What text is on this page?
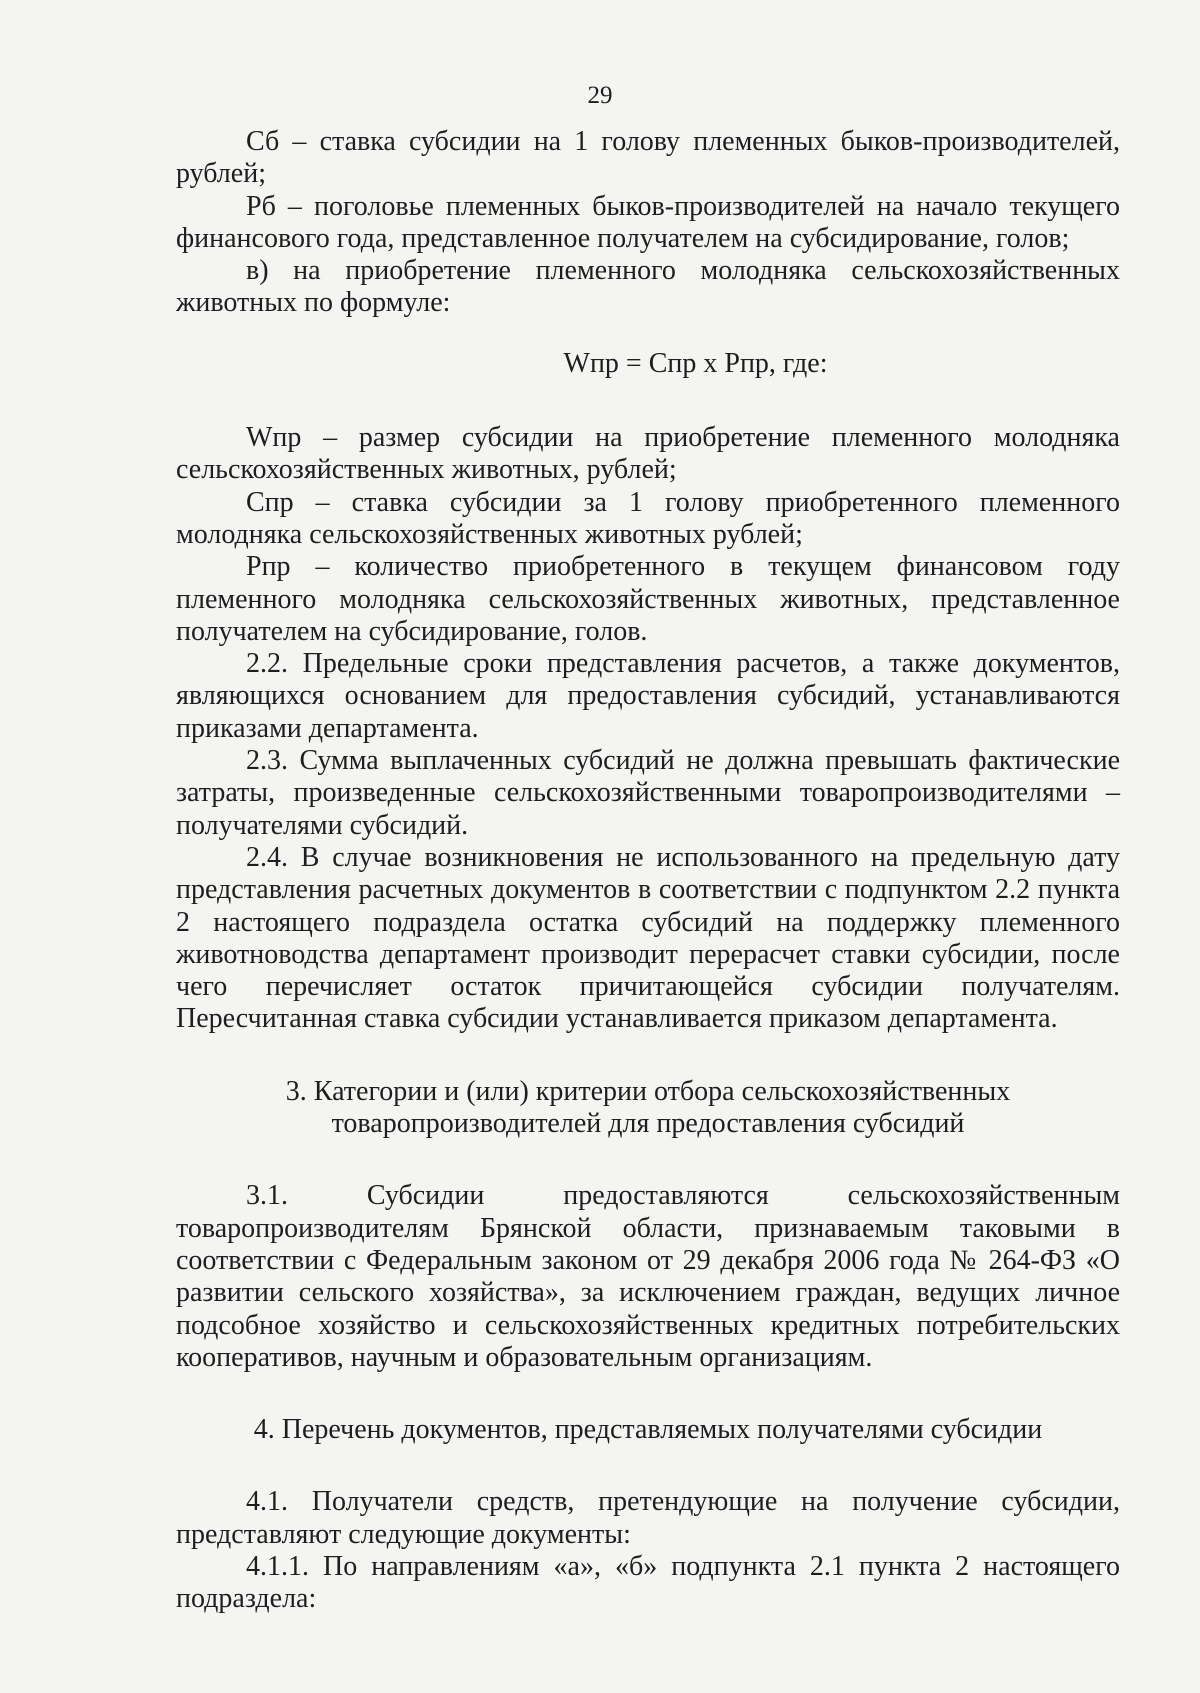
29

Сб – ставка субсидии на 1 голову племенных быков-производителей, рублей;

Рб – поголовье племенных быков-производителей на начало текущего финансового года, представленное получателем на субсидирование, голов;

в) на приобретение племенного молодняка сельскохозяйственных животных по формуле:

Wпр = Спр х Рпр, где:

Wпр – размер субсидии на приобретение племенного молодняка сельскохозяйственных животных, рублей;

Спр – ставка субсидии за 1 голову приобретенного племенного молодняка сельскохозяйственных животных рублей;

Рпр – количество приобретенного в текущем финансовом году племенного молодняка сельскохозяйственных животных, представленное получателем на субсидирование, голов.

2.2. Предельные сроки представления расчетов, а также документов, являющихся основанием для предоставления субсидий, устанавливаются приказами департамента.

2.3. Сумма выплаченных субсидий не должна превышать фактические затраты, произведенные сельскохозяйственными товаропроизводителями – получателями субсидий.

2.4. В случае возникновения не использованного на предельную дату представления расчетных документов в соответствии с подпунктом 2.2 пункта 2 настоящего подраздела остатка субсидий на поддержку племенного животноводства департамент производит перерасчет ставки субсидии, после чего перечисляет остаток причитающейся субсидии получателям. Пересчитанная ставка субсидии устанавливается приказом департамента.

3. Категории и (или) критерии отбора сельскохозяйственных
товаропроизводителей для предоставления субсидий

3.1. Субсидии предоставляются сельскохозяйственным товаропроизводителям Брянской области, признаваемым таковыми в соответствии с Федеральным законом от 29 декабря 2006 года № 264-ФЗ «О развитии сельского хозяйства», за исключением граждан, ведущих личное подсобное хозяйство и сельскохозяйственных кредитных потребительских кооперативов, научным и образовательным организациям.

4. Перечень документов, представляемых получателями субсидии

4.1. Получатели средств, претендующие на получение субсидии, представляют следующие документы:

4.1.1. По направлениям «а», «б» подпункта 2.1 пункта 2 настоящего подраздела:
